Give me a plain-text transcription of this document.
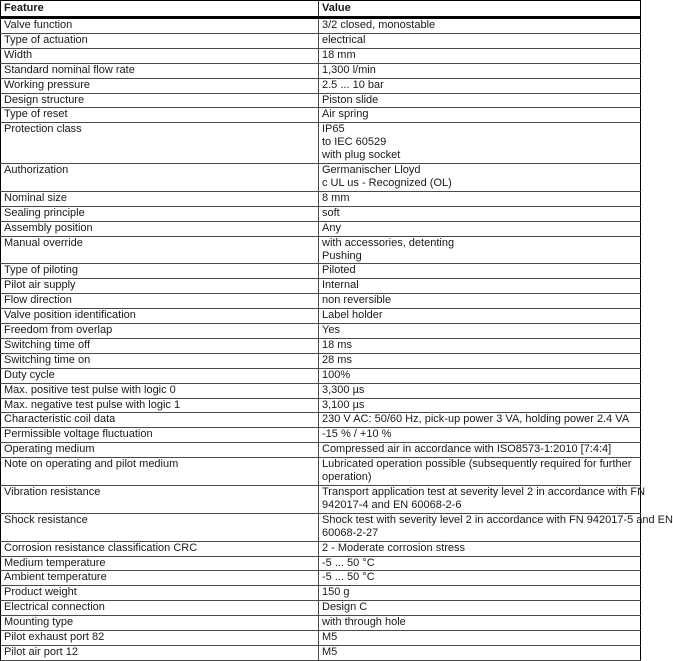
Feature	Value
Valve function	3/2 closed, monostable

Type of actuation	electrical

Width	18 mm

Standard nominal flow rate	1,300 l/min

Working pressure	2.5 ... 10 bar

Design structure	Piston slide

Type of reset	Air spring

Protection class	IP65
to IEC 60529
with plug socket

Authorization	Germanischer Lloyd
c UL us - Recognized (OL)

Nominal size	8 mm

Sealing principle	soft

Assembly position	Any

Manual override	with accessories, detenting
Pushing

Type of piloting	Piloted

Pilot air supply	Internal

Flow direction	non reversible

Valve position identification	Label holder

Freedom from overlap	Yes

Switching time off	18 ms

Switching time on	28 ms

Duty cycle	100%

Max. positive test pulse with logic 0	3,300 µs

Max. negative test pulse with logic 1	3,100 µs

Characteristic coil data	230 V AC: 50/60 Hz, pick-up power 3 VA, holding power 2.4 VA

Permissible voltage fluctuation	-15 % / +10 %

Operating medium	Compressed air in accordance with ISO8573-1:2010 [7:4:4]

Note on operating and pilot medium	Lubricated operation possible (subsequently required for further
operation)

Vibration resistance	Transport application test at severity level 2 in accordance with FN
942017-4 and EN 60068-2-6

Shock resistance	Shock test with severity level 2 in accordance with FN 942017-5 and EN
60068-2-27

Corrosion resistance classification CRC	2 - Moderate corrosion stress

Medium temperature	-5 ... 50 °C

Ambient temperature	-5 ... 50 °C

Product weight	150 g

Electrical connection	Design C

Mounting type	with through hole

Pilot exhaust port 82	M5

Pilot air port 12	M5
